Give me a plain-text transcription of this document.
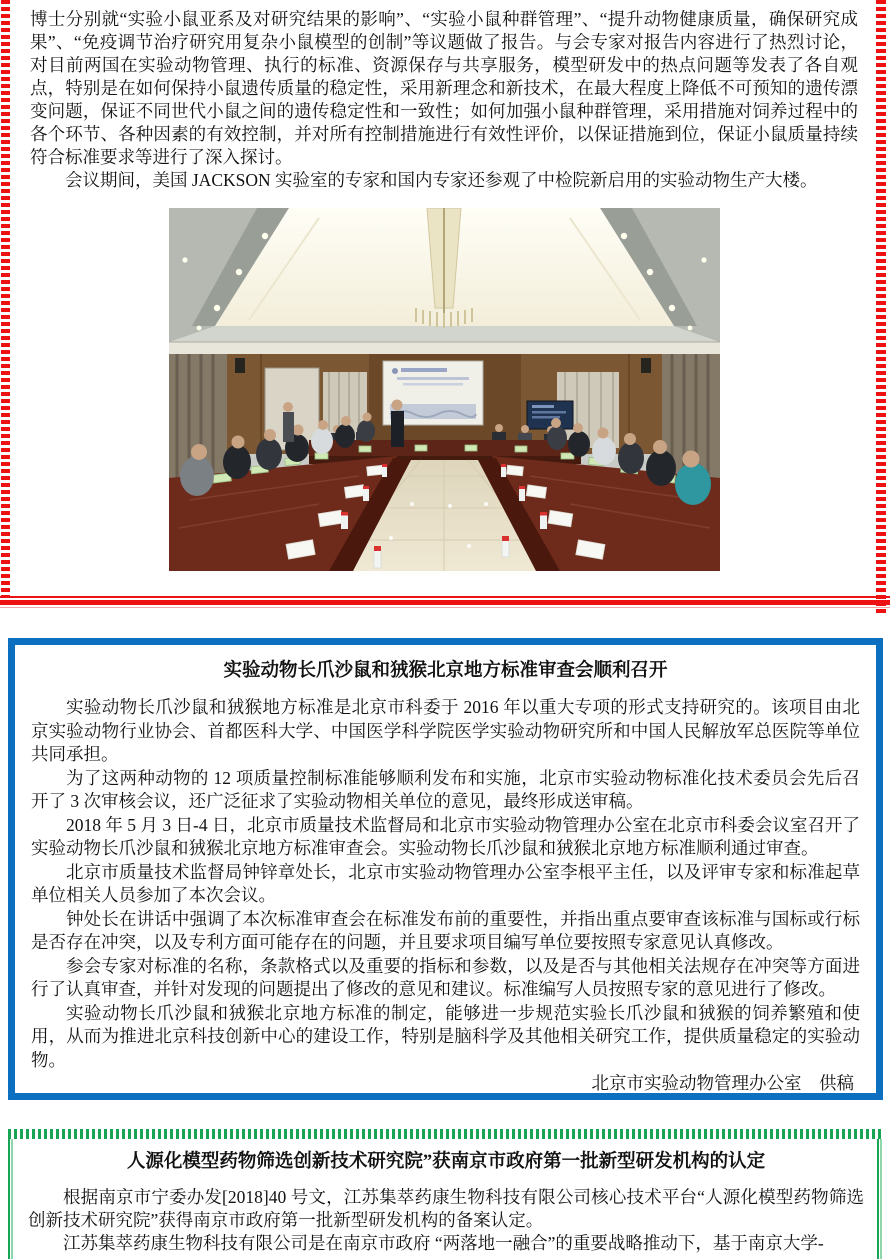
博士分别就“实验小鼠亚系及对研究结果的影响”、“实验小鼠种群管理”、“提升动物健康质量，确保研究成果”、“免疫调节治疗研究用复杂小鼠模型的创制”等议题做了报告。与会专家对报告内容进行了热烈讨论，对目前两国在实验动物管理、执行的标准、资源保存与共享服务，模型研发中的热点问题等发表了各自观点，特别是在如何保持小鼠遗传质量的稳定性，采用新理念和新技术，在最大程度上降低不可预知的遗传漂变问题，保证不同世代小鼠之间的遗传稳定性和一致性；如何加强小鼠种群管理，采用措施对饲养过程中的各个环节、各种因素的有效控制，并对所有控制措施进行有效性评价，以保证措施到位，保证小鼠质量持续符合标准要求等进行了深入探讨。

会议期间，美国 JACKSON 实验室的专家和国内专家还参观了中检院新启用的实验动物生产大楼。

实验动物长爪沙鼠和狨猴北京地方标准审查会顺利召开

实验动物长爪沙鼠和狨猴地方标准是北京市科委于 2016 年以重大专项的形式支持研究的。该项目由北京实验动物行业协会、首都医科大学、中国医学科学院医学实验动物研究所和中国人民解放军总医院等单位共同承担。

为了这两种动物的 12 项质量控制标准能够顺利发布和实施，北京市实验动物标准化技术委员会先后召开了 3 次审核会议，还广泛征求了实验动物相关单位的意见，最终形成送审稿。

2018 年 5 月 3 日-4 日，北京市质量技术监督局和北京市实验动物管理办公室在北京市科委会议室召开了实验动物长爪沙鼠和狨猴北京地方标准审查会。实验动物长爪沙鼠和狨猴北京地方标准顺利通过审查。

北京市质量技术监督局钟锌章处长，北京市实验动物管理办公室李根平主任，以及评审专家和标准起草单位相关人员参加了本次会议。

钟处长在讲话中强调了本次标准审查会在标准发布前的重要性，并指出重点要审查该标准与国标或行标是否存在冲突，以及专利方面可能存在的问题，并且要求项目编写单位要按照专家意见认真修改。

参会专家对标准的名称，条款格式以及重要的指标和参数，以及是否与其他相关法规存在冲突等方面进行了认真审查，并针对发现的问题提出了修改的意见和建议。标准编写人员按照专家的意见进行了修改。

实验动物长爪沙鼠和狨猴北京地方标准的制定，能够进一步规范实验长爪沙鼠和狨猴的饲养繁殖和使用，从而为推进北京科技创新中心的建设工作，特别是脑科学及其他相关研究工作，提供质量稳定的实验动物。

北京市实验动物管理办公室　供稿

人源化模型药物筛选创新技术研究院”获南京市政府第一批新型研发机构的认定

根据南京市宁委办发[2018]40 号文，江苏集萃药康生物科技有限公司核心技术平台“人源化模型药物筛选创新技术研究院”获得南京市政府第一批新型研发机构的备案认定。

江苏集萃药康生物科技有限公司是在南京市政府 “两落地一融合”的重要战略推动下，基于南京大学-
